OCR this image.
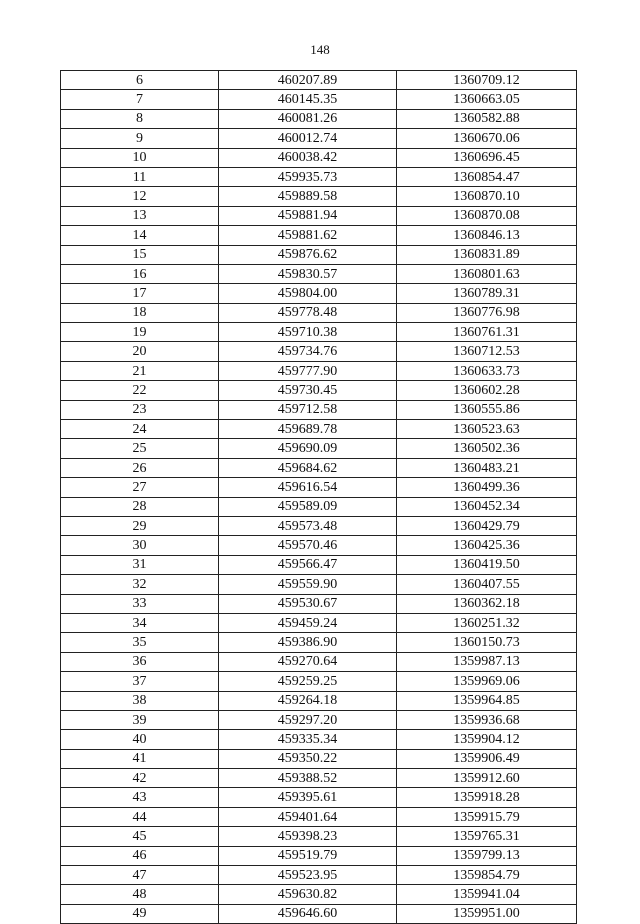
148
6	460207.89	1360709.12
7	460145.35	1360663.05
8	460081.26	1360582.88
9	460012.74	1360670.06
10	460038.42	1360696.45
11	459935.73	1360854.47
12	459889.58	1360870.10
13	459881.94	1360870.08
14	459881.62	1360846.13
15	459876.62	1360831.89
16	459830.57	1360801.63
17	459804.00	1360789.31
18	459778.48	1360776.98
19	459710.38	1360761.31
20	459734.76	1360712.53
21	459777.90	1360633.73
22	459730.45	1360602.28
23	459712.58	1360555.86
24	459689.78	1360523.63
25	459690.09	1360502.36
26	459684.62	1360483.21
27	459616.54	1360499.36
28	459589.09	1360452.34
29	459573.48	1360429.79
30	459570.46	1360425.36
31	459566.47	1360419.50
32	459559.90	1360407.55
33	459530.67	1360362.18
34	459459.24	1360251.32
35	459386.90	1360150.73
36	459270.64	1359987.13
37	459259.25	1359969.06
38	459264.18	1359964.85
39	459297.20	1359936.68
40	459335.34	1359904.12
41	459350.22	1359906.49
42	459388.52	1359912.60
43	459395.61	1359918.28
44	459401.64	1359915.79
45	459398.23	1359765.31
46	459519.79	1359799.13
47	459523.95	1359854.79
48	459630.82	1359941.04
49	459646.60	1359951.00
